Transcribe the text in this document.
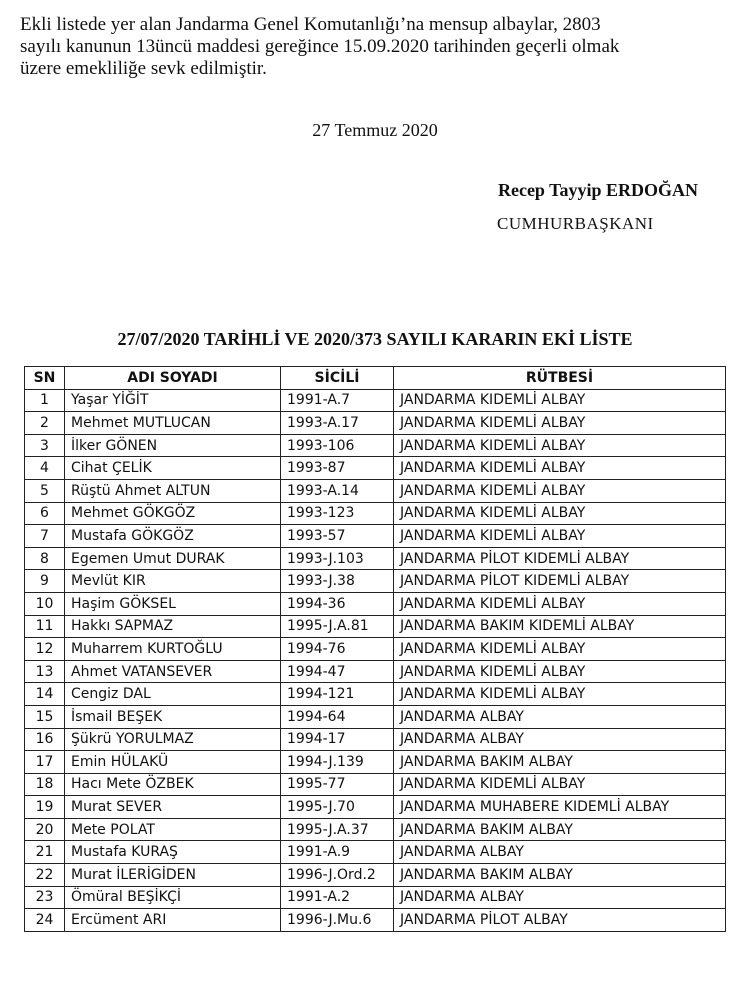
Ekli listede yer alan Jandarma Genel Komutanlığı’na mensup albaylar, 2803
sayılı kanunun 13üncü maddesi gereğince 15.09.2020 tarihinden geçerli olmak
üzere emekliliğe sevk edilmiştir.
27 Temmuz 2020
Recep Tayyip ERDOĞAN
CUMHURBAŞKANI
27/07/2020 TARİHLİ VE 2020/373 SAYILI KARARIN EKİ LİSTE
SN	ADI SOYADI	SİCİLİ	RÜTBESİ
1	Yaşar YİĞİT	1991-A.7	JANDARMA KIDEMLİ ALBAY
2	Mehmet MUTLUCAN	1993-A.17	JANDARMA KIDEMLİ ALBAY
3	İlker GÖNEN	1993-106	JANDARMA KIDEMLİ ALBAY
4	Cihat ÇELİK	1993-87	JANDARMA KIDEMLİ ALBAY
5	Rüştü Ahmet ALTUN	1993-A.14	JANDARMA KIDEMLİ ALBAY
6	Mehmet GÖKGÖZ	1993-123	JANDARMA KIDEMLİ ALBAY
7	Mustafa GÖKGÖZ	1993-57	JANDARMA KIDEMLİ ALBAY
8	Egemen Umut DURAK	1993-J.103	JANDARMA PİLOT KIDEMLİ ALBAY
9	Mevlüt KIR	1993-J.38	JANDARMA PİLOT KIDEMLİ ALBAY
10	Haşim GÖKSEL	1994-36	JANDARMA KIDEMLİ ALBAY
11	Hakkı SAPMAZ	1995-J.A.81	JANDARMA BAKIM KIDEMLİ ALBAY
12	Muharrem KURTOĞLU	1994-76	JANDARMA KIDEMLİ ALBAY
13	Ahmet VATANSEVER	1994-47	JANDARMA KIDEMLİ ALBAY
14	Cengiz DAL	1994-121	JANDARMA KIDEMLİ ALBAY
15	İsmail BEŞEK	1994-64	JANDARMA ALBAY
16	Şükrü YORULMAZ	1994-17	JANDARMA ALBAY
17	Emin HÜLAKÜ	1994-J.139	JANDARMA BAKIM ALBAY
18	Hacı Mete ÖZBEK	1995-77	JANDARMA KIDEMLİ ALBAY
19	Murat SEVER	1995-J.70	JANDARMA MUHABERE KIDEMLİ ALBAY
20	Mete POLAT	1995-J.A.37	JANDARMA BAKIM ALBAY
21	Mustafa KURAŞ	1991-A.9	JANDARMA ALBAY
22	Murat İLERİGİDEN	1996-J.Ord.2	JANDARMA BAKIM ALBAY
23	Ömüral BEŞİKÇİ	1991-A.2	JANDARMA ALBAY
24	Ercüment ARI	1996-J.Mu.6	JANDARMA PİLOT ALBAY
